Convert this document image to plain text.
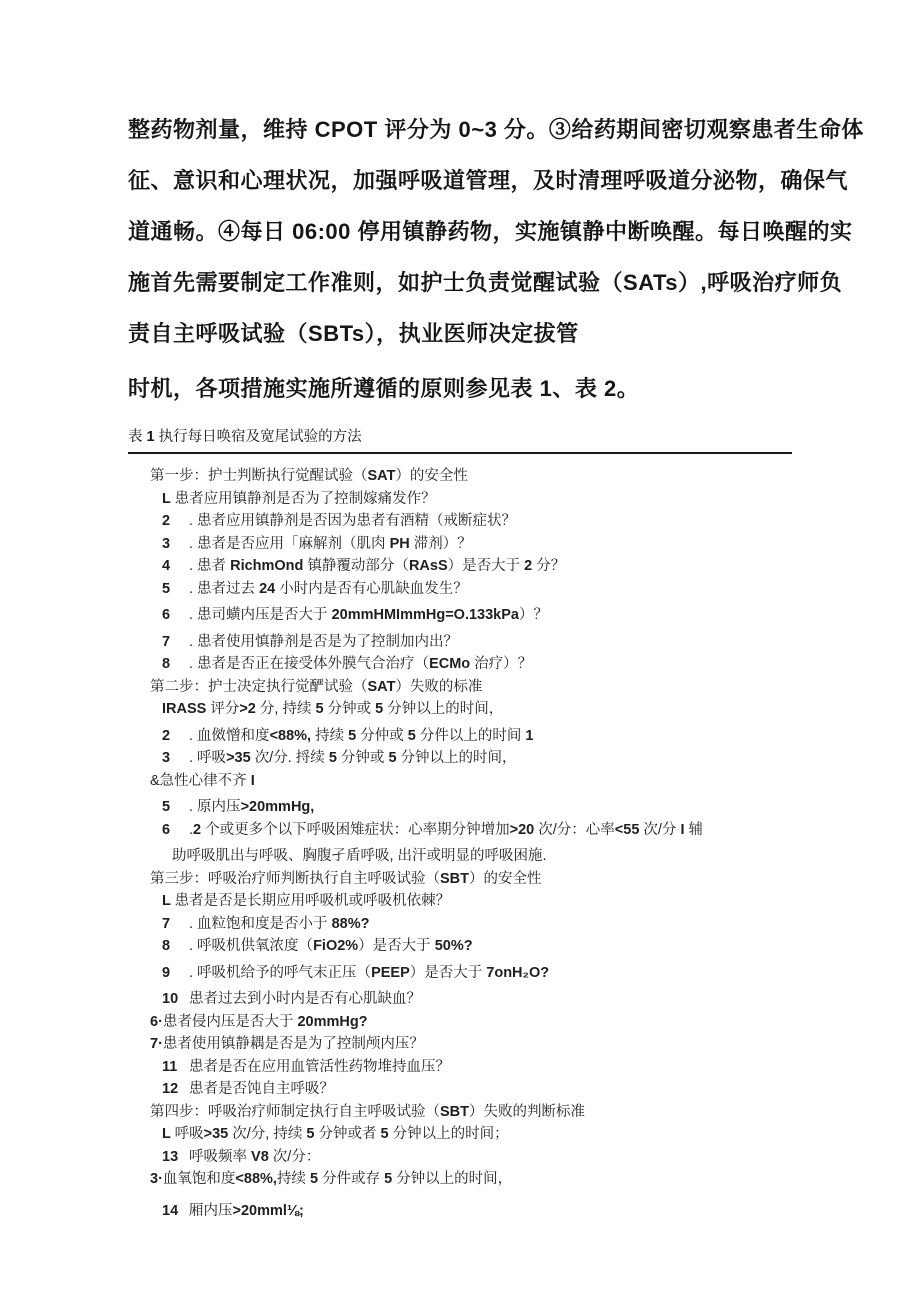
整药物剂量，维持 CPOT 评分为 0~3 分。③给药期间密切观察患者生命体
征、意识和心理状况，加强呼吸道管理，及时清理呼吸道分泌物，确保气
道通畅。④每日 06:00 停用镇静药物，实施镇静中断唤醒。每日唤醒的实
施首先需要制定工作准则，如护士负责觉醒试验（SATs）,呼吸治疗师负
责自主呼吸试验（SBTs），执业医师决定拔管
时机，各项措施实施所遵循的原则参见表 1、表 2。
表 1 执行每日唤宿及宽尾试验的方法
第一步：护士判断执行觉醒试验（SAT）的安全性
L 患者应用镇静剂是否为了控制嫁痛发作？
2	. 患者应用镇静剂是否因为患者有酒精（戒断症状？
3	. 患者是否应用「麻解剂（肌肉 PH 滞剂）？
4	. 患者 RichmOnd 镇静覆动部分（RAsS）是否大于 2 分？
5	. 患者过去 24 小时内是否有心肌缺血发生？
6	. 患司蟥内压是否大于 20mmHMImmHg=O.133kPa）？
7	. 患者使用慎静剂是否是为了控制加内出？
8	. 患者是否正在接受体外膜气合治疗（ECMo 治疗）？
第二步：护士决定执行觉酽试验（SAT）失败的标准
IRASS 评分>2 分, 持续 5 分钟或 5 分钟以上的时间，
2	. 血傚憎和度<88%, 持续 5 分仲或 5 分件以上的时间 1
3	. 呼吸>35 次/分. 捋续 5 分钟或 5 分钟以上的时间，
&急性心律不齐 I
5	. 原内压>20mmHg,
6	.2 个或更多个以下呼吸困雉症状：心率期分钟增加>20 次/分：心率<55 次/分 I 辅
助呼吸肌出与呼吸、胸腹孑盾呼吸, 出汗或明显的呼吸困施.
第三步：呼吸治疗师判断执行自主呼吸试验（SBT）的安全性
L 患者是否是长期应用呼吸机或呼吸机依棘？
7	. 血粒饱和度是否小于 88%?
8	. 呼吸机供氧浓度（FiO2%）是否大于 50%?
9	. 呼吸机给予的呼气末正压（PEEP）是否大于 7onH₂O?
10 患者过去到小时内是否有心肌缺血？
6·患者侵内压是否大于 20mmHg?
7·患者使用镇静耦是否是为了控制颅内压？
11 患者是否在应用血管活性药物堆持血压？
12 患者是否饨自主呼吸？
第四步：呼吸治疗师制定执行自主呼吸试验（SBT）失败的判断标准
L 呼吸>35 次/分, 持续 5 分钟或者 5 分钟以上的时间；
13 呼吸频率 V8 次/分：
3·血氧饱和度<88%,持续 5 分件或存 5 分钟以上的时间，
14 厢内压>20mml⅛;
